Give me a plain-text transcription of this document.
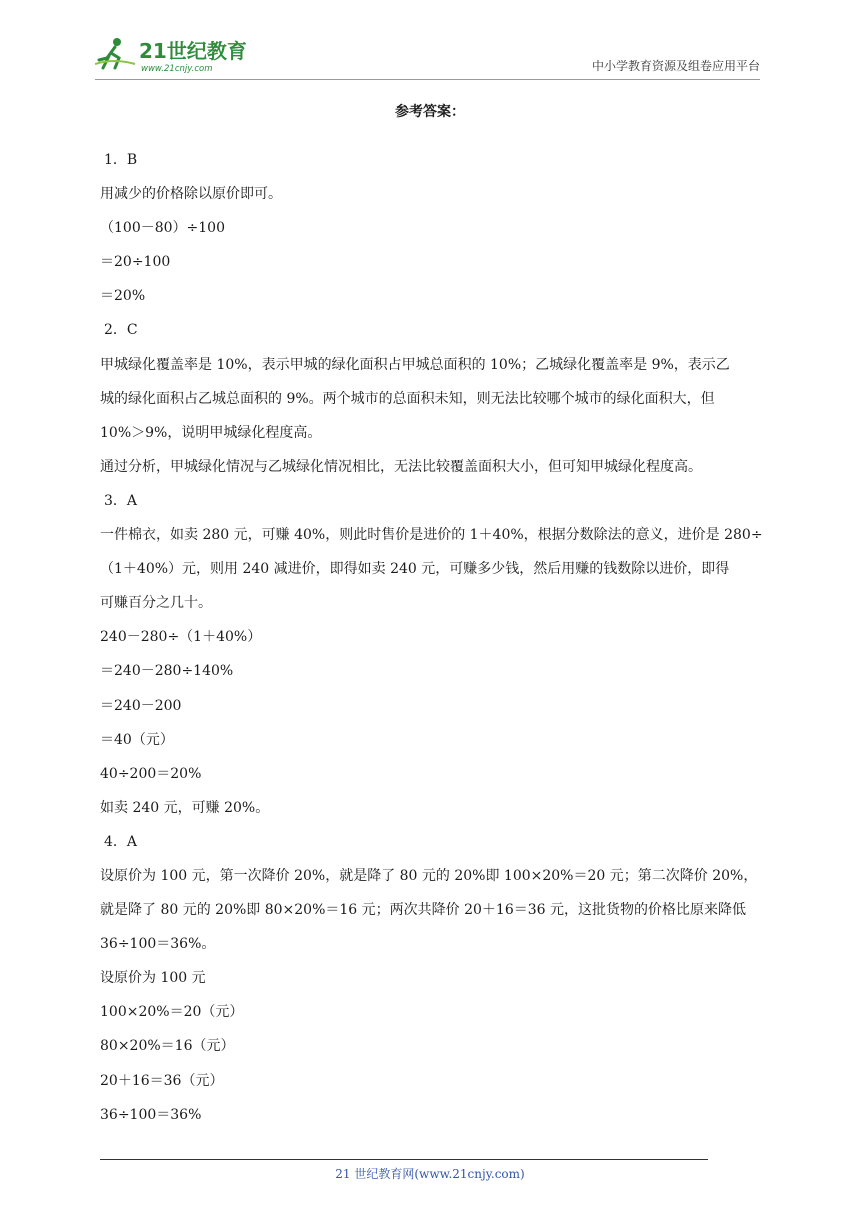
21世纪教育
www.21cnjy.com	中小学教育资源及组卷应用平台
参考答案：
1．B
用减少的价格除以原价即可。
（100－80）÷100
＝20÷100
＝20%
2．C
甲城绿化覆盖率是 10%，表示甲城的绿化面积占甲城总面积的 10%；乙城绿化覆盖率是 9%，表示乙
城的绿化面积占乙城总面积的 9%。两个城市的总面积未知，则无法比较哪个城市的绿化面积大，但
10%＞9%，说明甲城绿化程度高。
通过分析，甲城绿化情况与乙城绿化情况相比，无法比较覆盖面积大小，但可知甲城绿化程度高。
3．A
一件棉衣，如卖 280 元，可赚 40%，则此时售价是进价的 1＋40%，根据分数除法的意义，进价是 280÷
（1＋40%）元，则用 240 减进价，即得如卖 240 元，可赚多少钱，然后用赚的钱数除以进价，即得
可赚百分之几十。
240－280÷（1＋40%）
＝240－280÷140%
＝240－200
＝40（元）
40÷200＝20%
如卖 240 元，可赚 20%。
4．A
设原价为 100 元，第一次降价 20%，就是降了 80 元的 20%即 100×20%＝20 元；第二次降价 20%，
就是降了 80 元的 20%即 80×20%＝16 元；两次共降价 20＋16＝36 元，这批货物的价格比原来降低
36÷100＝36%。
设原价为 100 元
100×20%＝20（元）
80×20%＝16（元）
20＋16＝36（元）
36÷100＝36%
21 世纪教育网(www.21cnjy.com)
